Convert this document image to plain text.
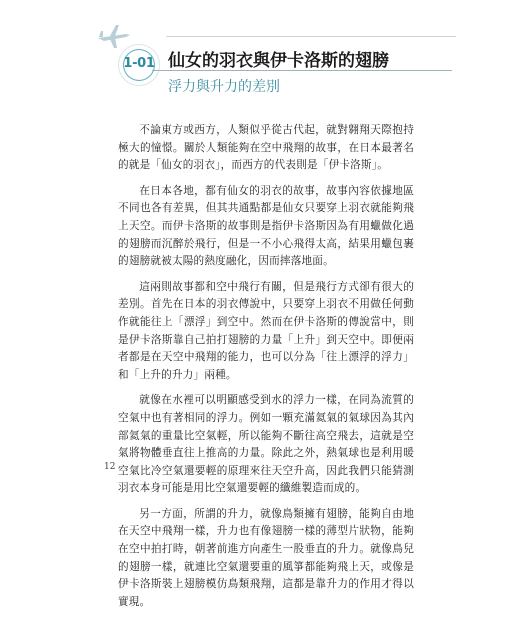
1-01 仙女的羽衣與伊卡洛斯的翅膀
浮力與升力的差別

不論東方或西方，人類似乎從古代起，就對翱翔天際抱持極大的憧憬。關於人類能夠在空中飛翔的故事，在日本最著名的就是「仙女的羽衣」，而西方的代表則是「伊卡洛斯」。

在日本各地，都有仙女的羽衣的故事，故事內容依據地區不同也各有差異，但其共通點都是仙女只要穿上羽衣就能夠飛上天空。而伊卡洛斯的故事則是指伊卡洛斯因為有用蠟做化過的翅膀而沉醉於飛行，但是一不小心飛得太高，結果用蠟包裹的翅膀就被太陽的熱度融化，因而摔落地面。

這兩則故事都和空中飛行有關，但是飛行方式卻有很大的差別。首先在日本的羽衣傳說中，只要穿上羽衣不用做任何動作就能往上「漂浮」到空中。然而在伊卡洛斯的傳說當中，則是伊卡洛斯靠自己拍打翅膀的力量「上升」到天空中。即便兩者都是在天空中飛翔的能力，也可以分為「往上漂浮的浮力」和「上升的升力」兩種。

就像在水裡可以明顯感受到水的浮力一樣，在同為流質的空氣中也有著相同的浮力。例如一顆充滿氦氣的氣球因為其內部氦氣的重量比空氣輕，所以能夠不斷往高空飛去，這就是空氣將物體垂直往上推高的力量。除此之外，熱氣球也是利用暖空氣比冷空氣還要輕的原理來往天空升高，因此我們只能猜測羽衣本身可能是用比空氣還要輕的纖維製造而成的。

另一方面，所謂的升力，就像鳥類擁有翅膀，能夠自由地在天空中飛翔一樣，升力也有像翅膀一樣的薄型片狀物，能夠在空中拍打時，朝著前進方向產生一股垂直的升力。就像鳥兒的翅膀一樣，就連比空氣還要重的風箏都能夠飛上天，或像是伊卡洛斯裝上翅膀模仿鳥類飛翔，這都是靠升力的作用才得以實現。

12
